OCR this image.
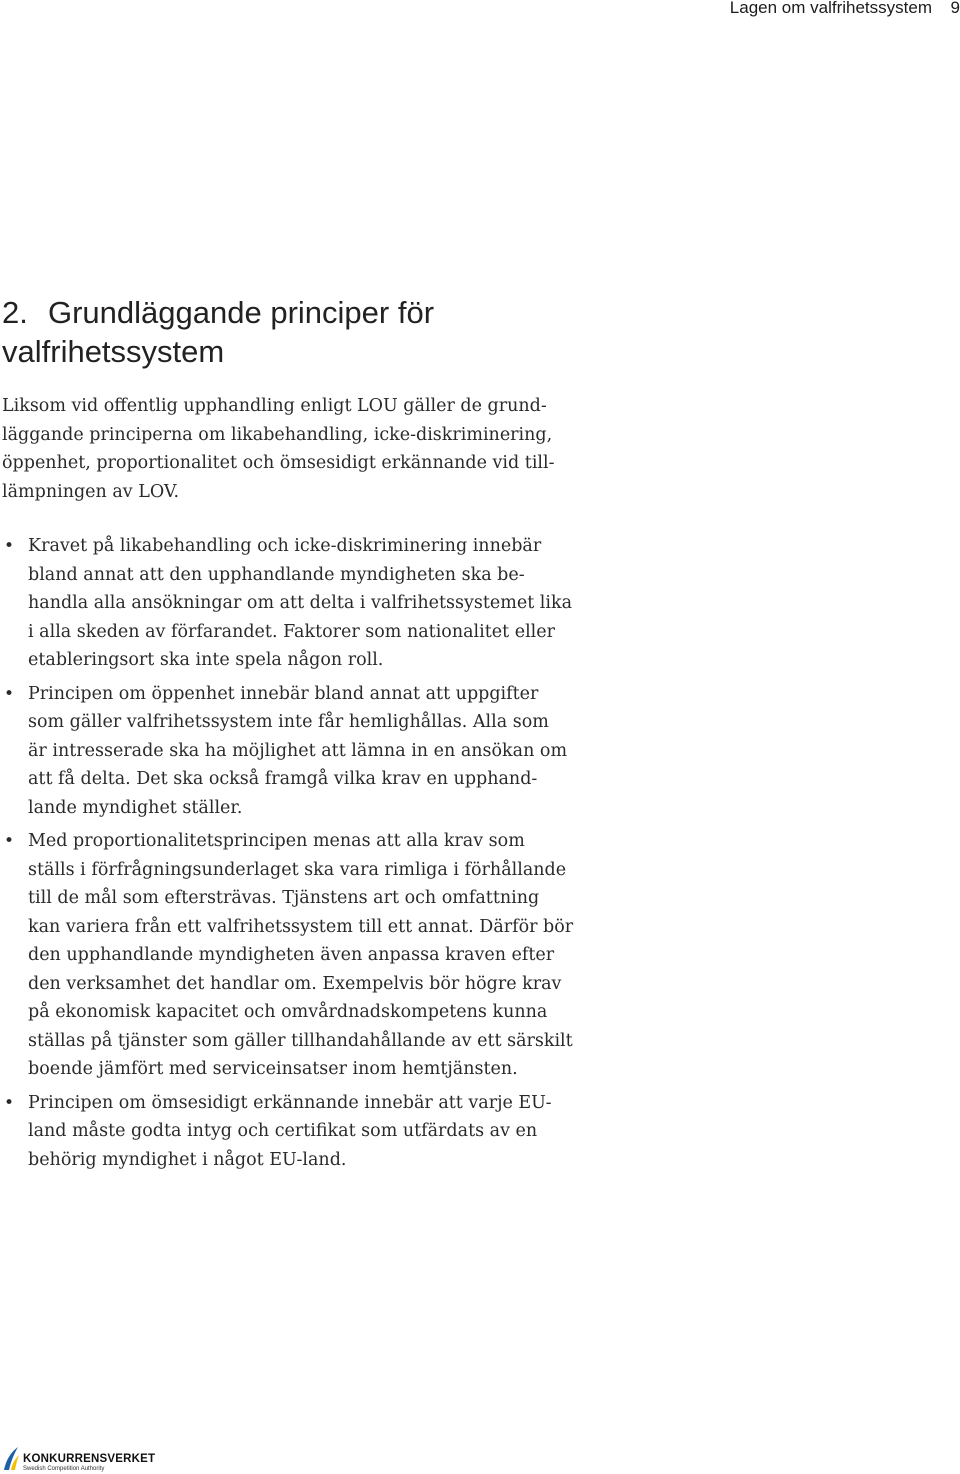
Lagen om valfrihetssystem 9
2. Grundläggande principer för
valfrihetssystem

Liksom vid offentlig upphandling enligt LOU gäller de grund-
läggande principerna om likabehandling, icke-diskriminering,
öppenhet, proportionalitet och ömsesidigt erkännande vid till-
lämpningen av LOV.

• Kravet på likabehandling och icke-diskriminering innebär
bland annat att den upphandlande myndigheten ska be-
handla alla ansökningar om att delta i valfrihetssystemet lika
i alla skeden av förfarandet. Faktorer som nationalitet eller
etableringsort ska inte spela någon roll.
• Principen om öppenhet innebär bland annat att uppgifter
som gäller valfrihetssystem inte får hemlighållas. Alla som
är intresserade ska ha möjlighet att lämna in en ansökan om
att få delta. Det ska också framgå vilka krav en upphand-
lande myndighet ställer.
• Med proportionalitetsprincipen menas att alla krav som
ställs i förfrågningsunderlaget ska vara rimliga i förhållande
till de mål som eftersträvas. Tjänstens art och omfattning
kan variera från ett valfrihetssystem till ett annat. Därför bör
den upphandlande myndigheten även anpassa kraven efter
den verksamhet det handlar om. Exempelvis bör högre krav
på ekonomisk kapacitet och omvårdnadskompetens kunna
ställas på tjänster som gäller tillhandahållande av ett särskilt
boende jämfört med serviceinsatser inom hemtjänsten.
• Principen om ömsesidigt erkännande innebär att varje EU-
land måste godta intyg och certifikat som utfärdats av en
behörig myndighet i något EU-land.
KONKURRENSVERKET
Swedish Competition Authority
